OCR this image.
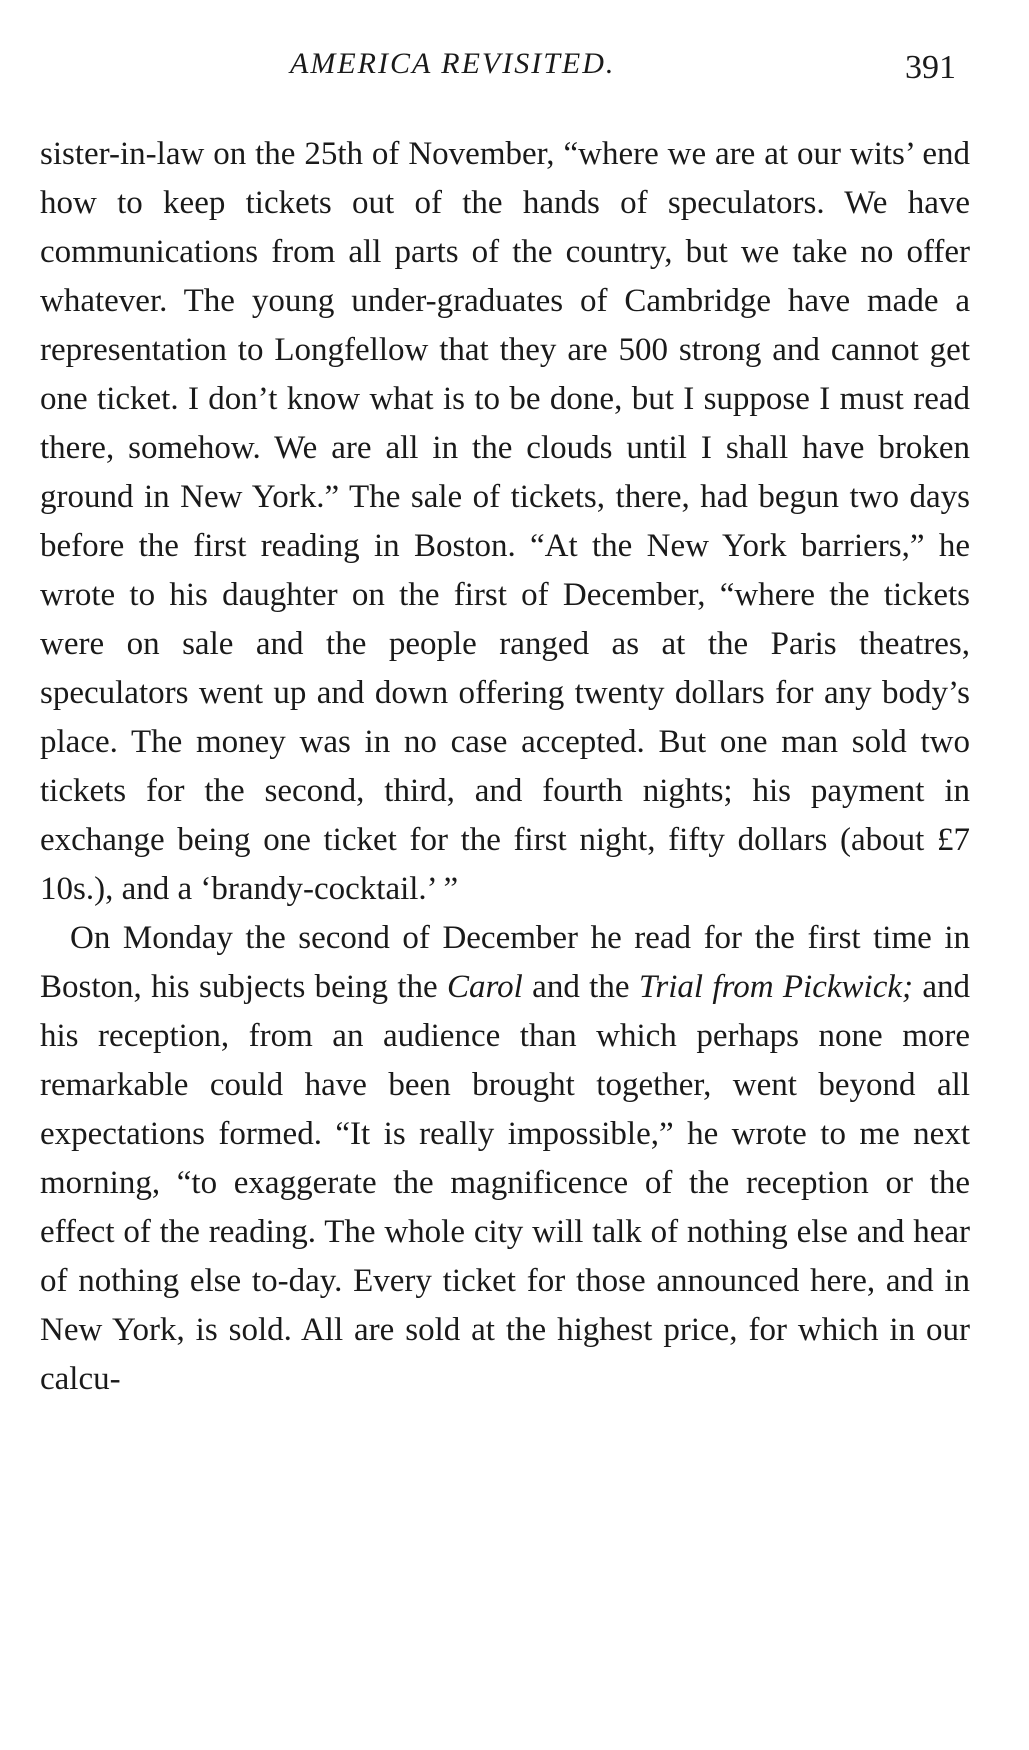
AMERICA REVISITED.	391

sister-in-law on the 25th of November, “where we are at our wits’ end how to keep tickets out of the hands of speculators. We have communications from all parts of the country, but we take no offer whatever. The young under-graduates of Cambridge have made a representation to Longfellow that they are 500 strong and cannot get one ticket. I don’t know what is to be done, but I suppose I must read there, somehow. We are all in the clouds until I shall have broken ground in New York.” The sale of tickets, there, had begun two days before the first reading in Boston. “At the New York barriers,” he wrote to his daughter on the first of December, “where the tickets were on sale and the people ranged as at the Paris theatres, speculators went up and down offering twenty dollars for any body’s place. The money was in no case accepted. But one man sold two tickets for the second, third, and fourth nights; his payment in exchange being one ticket for the first night, fifty dollars (about £7 10s.), and a ‘brandy-cocktail.’ ”

On Monday the second of December he read for the first time in Boston, his subjects being the Carol and the Trial from Pickwick; and his reception, from an audience than which perhaps none more remarkable could have been brought together, went beyond all expectations formed. “It is really impossible,” he wrote to me next morning, “to exaggerate the magnificence of the reception or the effect of the reading. The whole city will talk of nothing else and hear of nothing else to-day. Every ticket for those announced here, and in New York, is sold. All are sold at the highest price, for which in our calcu-
